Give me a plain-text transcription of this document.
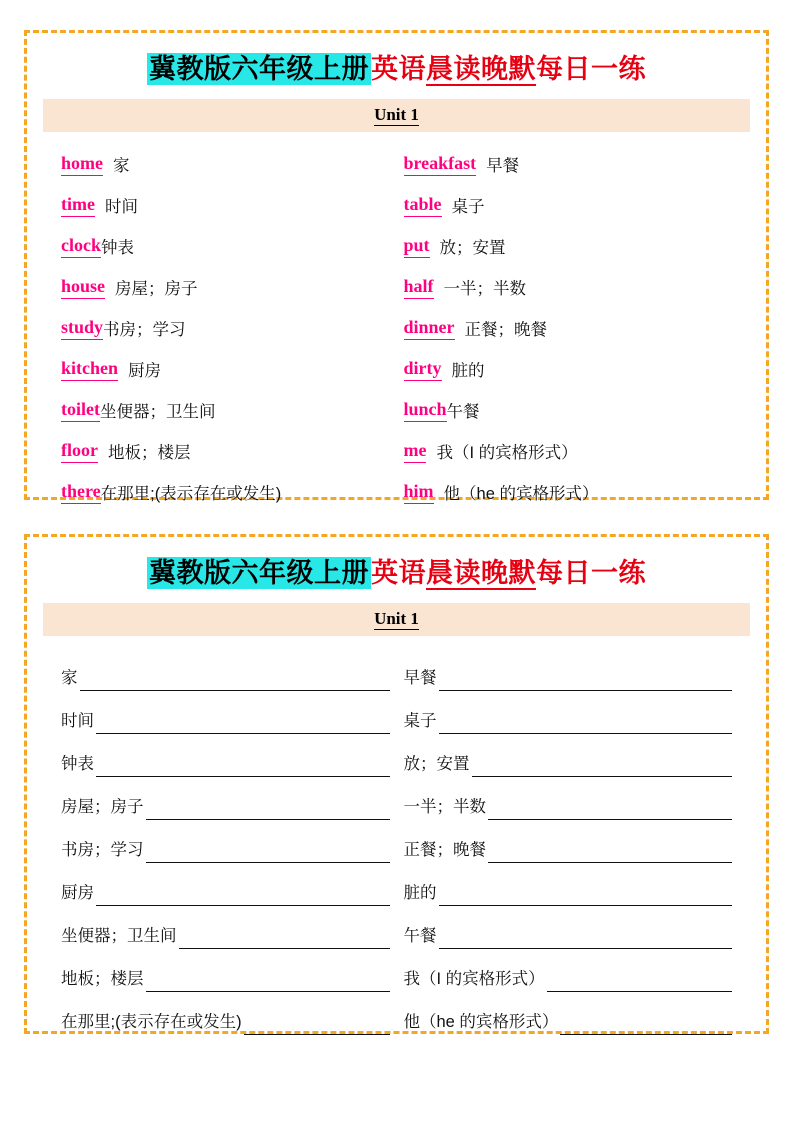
冀教版六年级上册英语晨读晚默每日一练
Unit 1
home 家	breakfast 早餐
time 时间	table 桌子
clock 钟表	put 放；安置
house 房屋；房子	half 一半；半数
study 书房；学习	dinner 正餐；晚餐
kitchen 厨房	dirty 脏的
toilet 坐便器；卫生间	lunch 午餐
floor 地板；楼层	me 我（I 的宾格形式）
there 在那里;(表示存在或发生)	him 他（he 的宾格形式）
冀教版六年级上册英语晨读晚默每日一练
Unit 1
家	早餐
时间	桌子
钟表	放；安置
房屋；房子	一半；半数
书房；学习	正餐；晚餐
厨房	脏的
坐便器；卫生间	午餐
地板；楼层	我（I 的宾格形式）
在那里;(表示存在或发生)	他（he 的宾格形式）
